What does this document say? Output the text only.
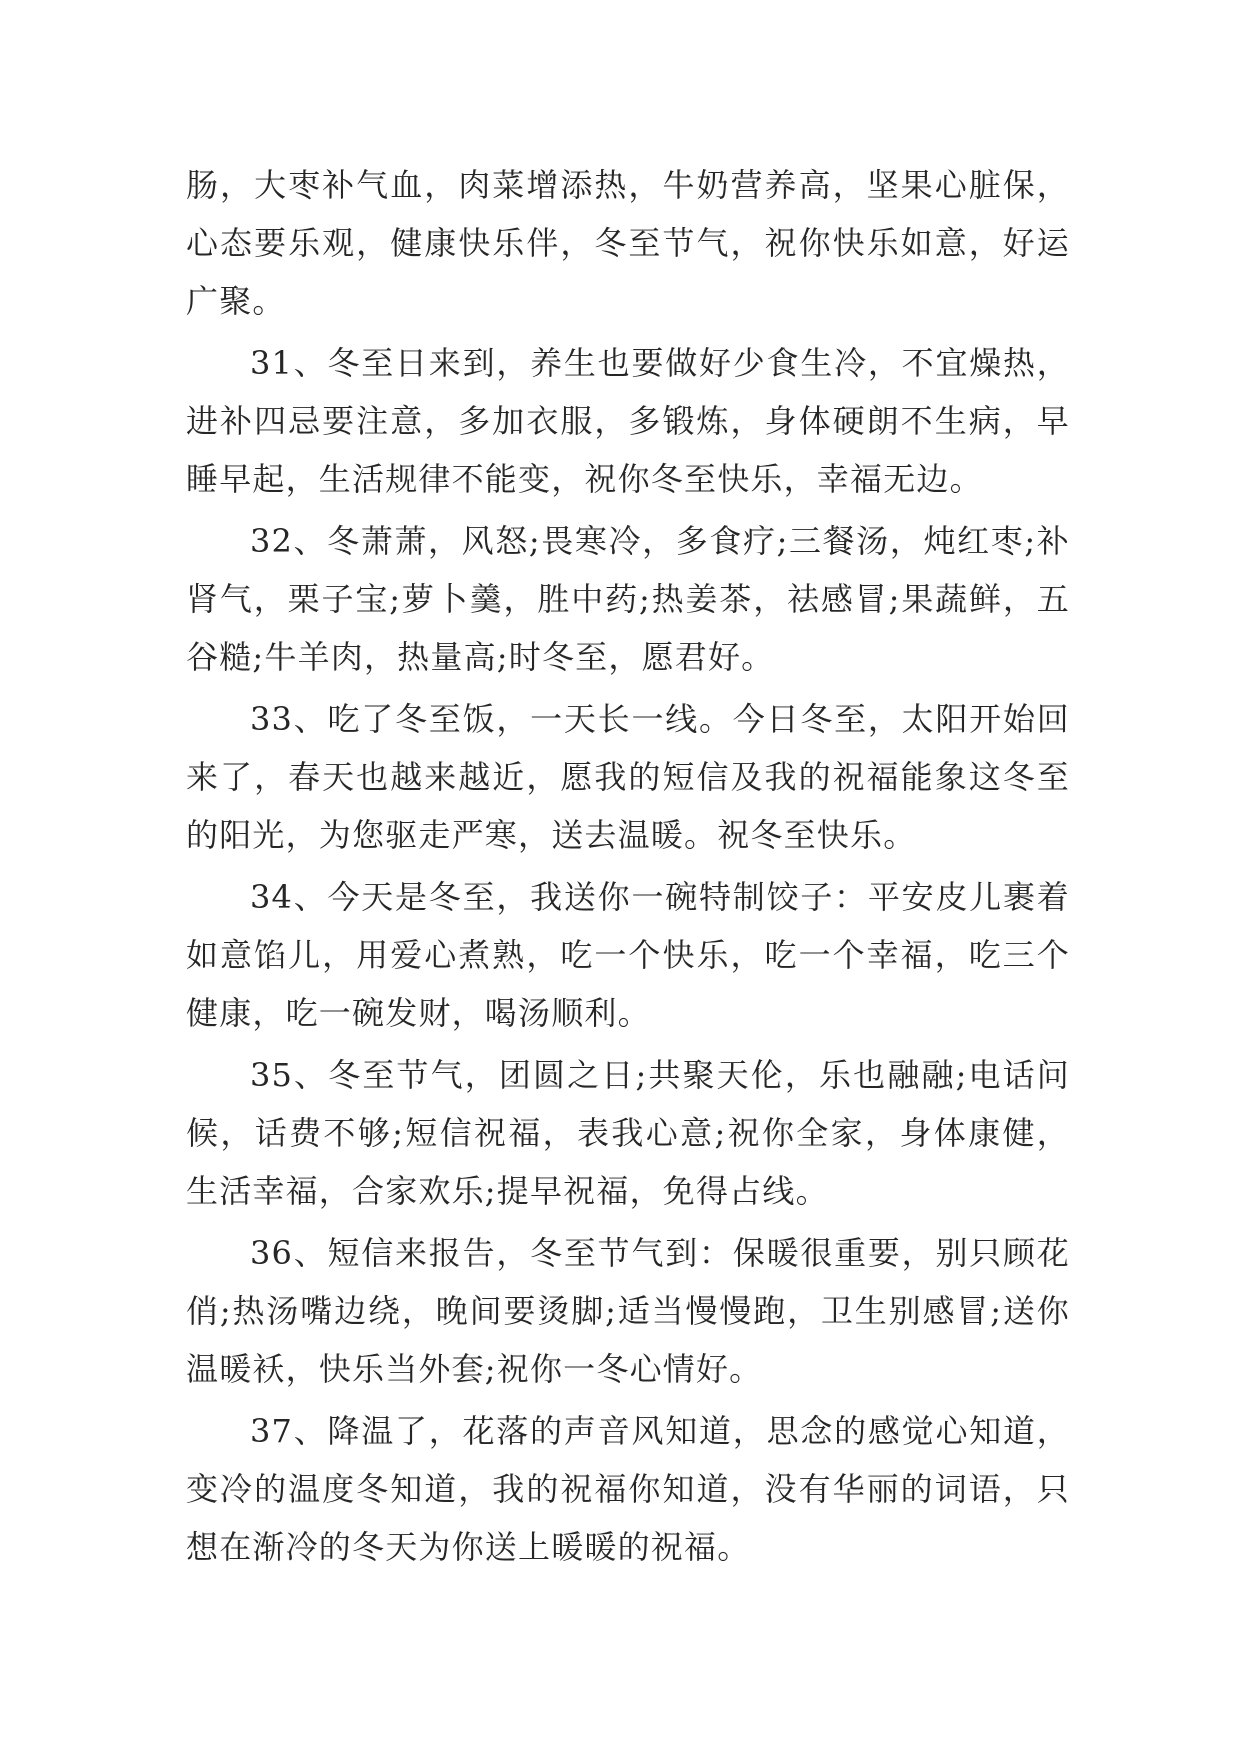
肠，大枣补气血，肉菜增添热，牛奶营养高，坚果心脏保，心态要乐观，健康快乐伴，冬至节气，祝你快乐如意，好运广聚。

31、冬至日来到，养生也要做好少食生冷，不宜燥热，进补四忌要注意，多加衣服，多锻炼，身体硬朗不生病，早睡早起，生活规律不能变，祝你冬至快乐，幸福无边。

32、冬萧萧，风怒;畏寒冷，多食疗;三餐汤，炖红枣;补肾气，栗子宝;萝卜羹，胜中药;热姜茶，祛感冒;果蔬鲜，五谷糙;牛羊肉，热量高;时冬至，愿君好。

33、吃了冬至饭，一天长一线。今日冬至，太阳开始回来了，春天也越来越近，愿我的短信及我的祝福能象这冬至的阳光，为您驱走严寒，送去温暖。祝冬至快乐。

34、今天是冬至，我送你一碗特制饺子：平安皮儿裹着如意馅儿，用爱心煮熟，吃一个快乐，吃一个幸福，吃三个健康，吃一碗发财，喝汤顺利。

35、冬至节气，团圆之日;共聚天伦，乐也融融;电话问候，话费不够;短信祝福，表我心意;祝你全家，身体康健，生活幸福，合家欢乐;提早祝福，免得占线。

36、短信来报告，冬至节气到：保暖很重要，别只顾花俏;热汤嘴边绕，晚间要烫脚;适当慢慢跑，卫生别感冒;送你温暖袄，快乐当外套;祝你一冬心情好。

37、降温了，花落的声音风知道，思念的感觉心知道，变冷的温度冬知道，我的祝福你知道，没有华丽的词语，只想在渐冷的冬天为你送上暖暖的祝福。
